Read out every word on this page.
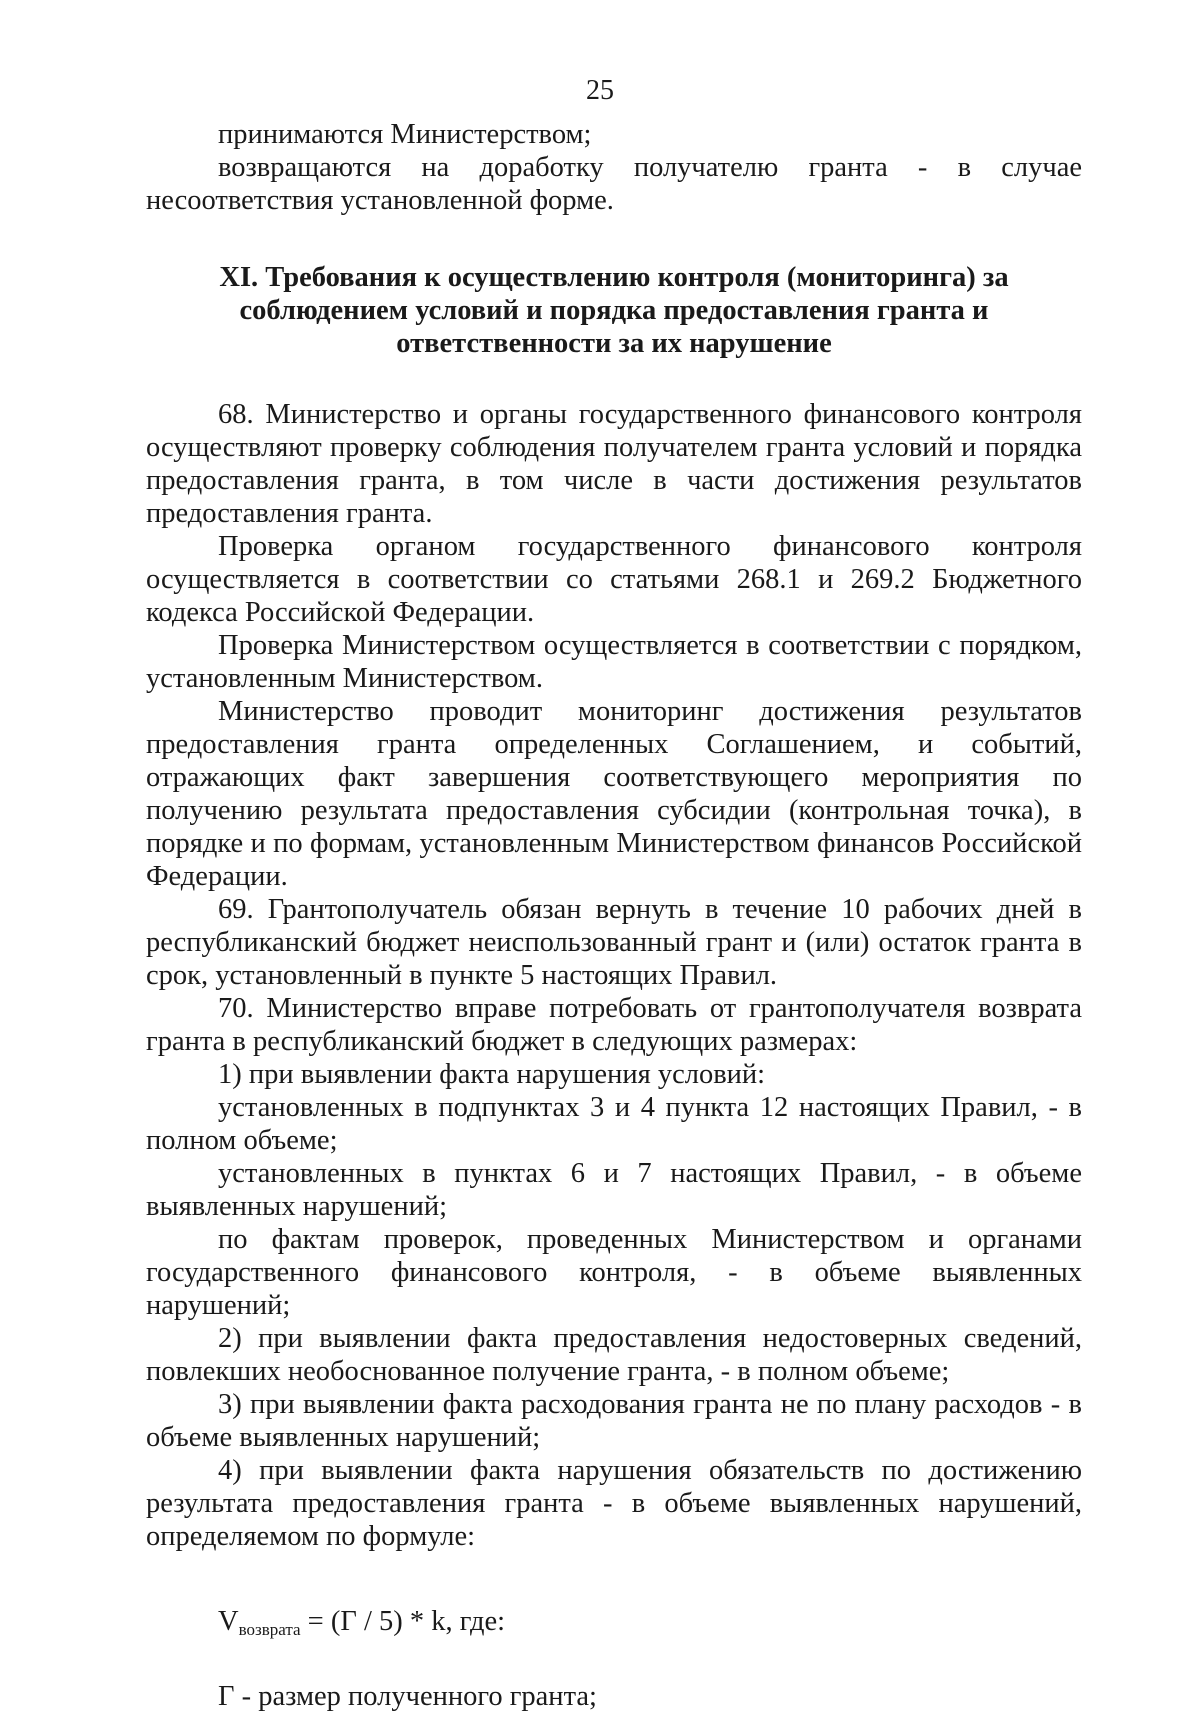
25

принимаются Министерством;

возвращаются на доработку получателю гранта - в случае несоответствия установленной форме.

XI. Требования к осуществлению контроля (мониторинга) за
соблюдением условий и порядка предоставления гранта и
ответственности за их нарушение

68. Министерство и органы государственного финансового контроля осуществляют проверку соблюдения получателем гранта условий и порядка предоставления гранта, в том числе в части достижения результатов предоставления гранта.

Проверка органом государственного финансового контроля осуществляется в соответствии со статьями 268.1 и 269.2 Бюджетного кодекса Российской Федерации.

Проверка Министерством осуществляется в соответствии с порядком, установленным Министерством.

Министерство проводит мониторинг достижения результатов предоставления гранта определенных Соглашением, и событий, отражающих факт завершения соответствующего мероприятия по получению результата предоставления субсидии (контрольная точка), в порядке и по формам, установленным Министерством финансов Российской Федерации.

69. Грантополучатель обязан вернуть в течение 10 рабочих дней в республиканский бюджет неиспользованный грант и (или) остаток гранта в срок, установленный в пункте 5 настоящих Правил.

70. Министерство вправе потребовать от грантополучателя возврата гранта в республиканский бюджет в следующих размерах:

1) при выявлении факта нарушения условий:

установленных в подпунктах 3 и 4 пункта 12 настоящих Правил, - в полном объеме;

установленных в пунктах 6 и 7 настоящих Правил, - в объеме выявленных нарушений;

по фактам проверок, проведенных Министерством и органами государственного финансового контроля, - в объеме выявленных нарушений;

2) при выявлении факта предоставления недостоверных сведений, повлекших необоснованное получение гранта, - в полном объеме;

3) при выявлении факта расходования гранта не по плану расходов - в объеме выявленных нарушений;

4) при выявлении факта нарушения обязательств по достижению результата предоставления гранта - в объеме выявленных нарушений, определяемом по формуле:

$V_{возврата} = (Г / 5) * k$, где:

Г - размер полученного гранта;
